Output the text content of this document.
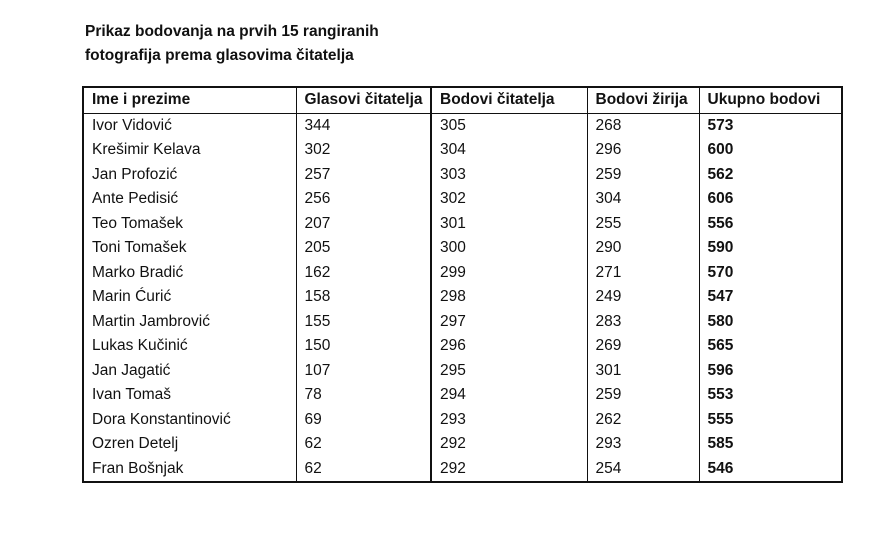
Prikaz bodovanja na prvih 15 rangiranih
fotografija prema glasovima čitatelja
Ime i prezime	Glasovi čitatelja	Bodovi čitatelja	Bodovi žirija	Ukupno bodovi
Ivor Vidović	344	305	268	573
Krešimir Kelava	302	304	296	600
Jan Profozić	257	303	259	562
Ante Pedisić	256	302	304	606
Teo Tomašek	207	301	255	556
Toni Tomašek	205	300	290	590
Marko Bradić	162	299	271	570
Marin Ćurić	158	298	249	547
Martin Jambrović	155	297	283	580
Lukas Kučinić	150	296	269	565
Jan Jagatić	107	295	301	596
Ivan Tomaš	78	294	259	553
Dora Konstantinović	69	293	262	555
Ozren Detelj	62	292	293	585
Fran Bošnjak	62	292	254	546
